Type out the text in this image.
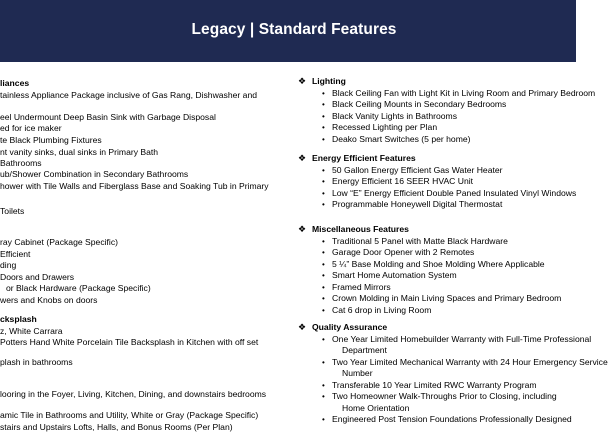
Legacy | Standard Features
liances
tainless Appliance Package inclusive of Gas Rang, Dishwasher and
eel Undermount Deep Basin Sink with Garbage Disposal
ed for ice maker
te Black Plumbing Fixtures
nt vanity sinks, dual sinks in Primary Bath
Bathrooms
ub/Shower Combination in Secondary Bathrooms
hower with Tile Walls and Fiberglass Base and Soaking Tub in Primary
Toilets
ray Cabinet (Package Specific)
Efficient
ding
Doors and Drawers
or Black Hardware (Package Specific)
wers and Knobs on doors
cksplash
z, White Carrara
Potters Hand White Porcelain Tile Backsplash in Kitchen with off set
plash in bathrooms
looring in the Foyer, Living, Kitchen, Dining, and downstairs bedrooms
amic Tile in Bathrooms and Utility, White or Gray (Package Specific)
stairs and Upstairs Lofts, Halls, and Bonus Rooms (Per Plan)
❖ Lighting
• Black Ceiling Fan with Light Kit in Living Room and Primary Bedroom
• Black Ceiling Mounts in Secondary Bedrooms
• Black Vanity Lights in Bathrooms
• Recessed Lighting per Plan
• Deako Smart Switches (5 per home)
❖ Energy Efficient Features
• 50 Gallon Energy Efficient Gas Water Heater
• Energy Efficient 16 SEER HVAC Unit
• Low “E” Energy Efficient Double Paned Insulated Vinyl Windows
• Programmable Honeywell Digital Thermostat
❖ Miscellaneous Features
• Traditional 5 Panel with Matte Black Hardware
• Garage Door Opener with 2 Remotes
• 5 ¼” Base Molding and Shoe Molding Where Applicable
• Smart Home Automation System
• Framed Mirrors
• Crown Molding in Main Living Spaces and Primary Bedroom
• Cat 6 drop in Living Room
❖ Quality Assurance
• One Year Limited Homebuilder Warranty with Full-Time Professional
Department
• Two Year Limited Mechanical Warranty with 24 Hour Emergency Service
Number
• Transferable 10 Year Limited RWC Warranty Program
• Two Homeowner Walk-Throughs Prior to Closing, including
Home Orientation
• Engineered Post Tension Foundations Professionally Designed
